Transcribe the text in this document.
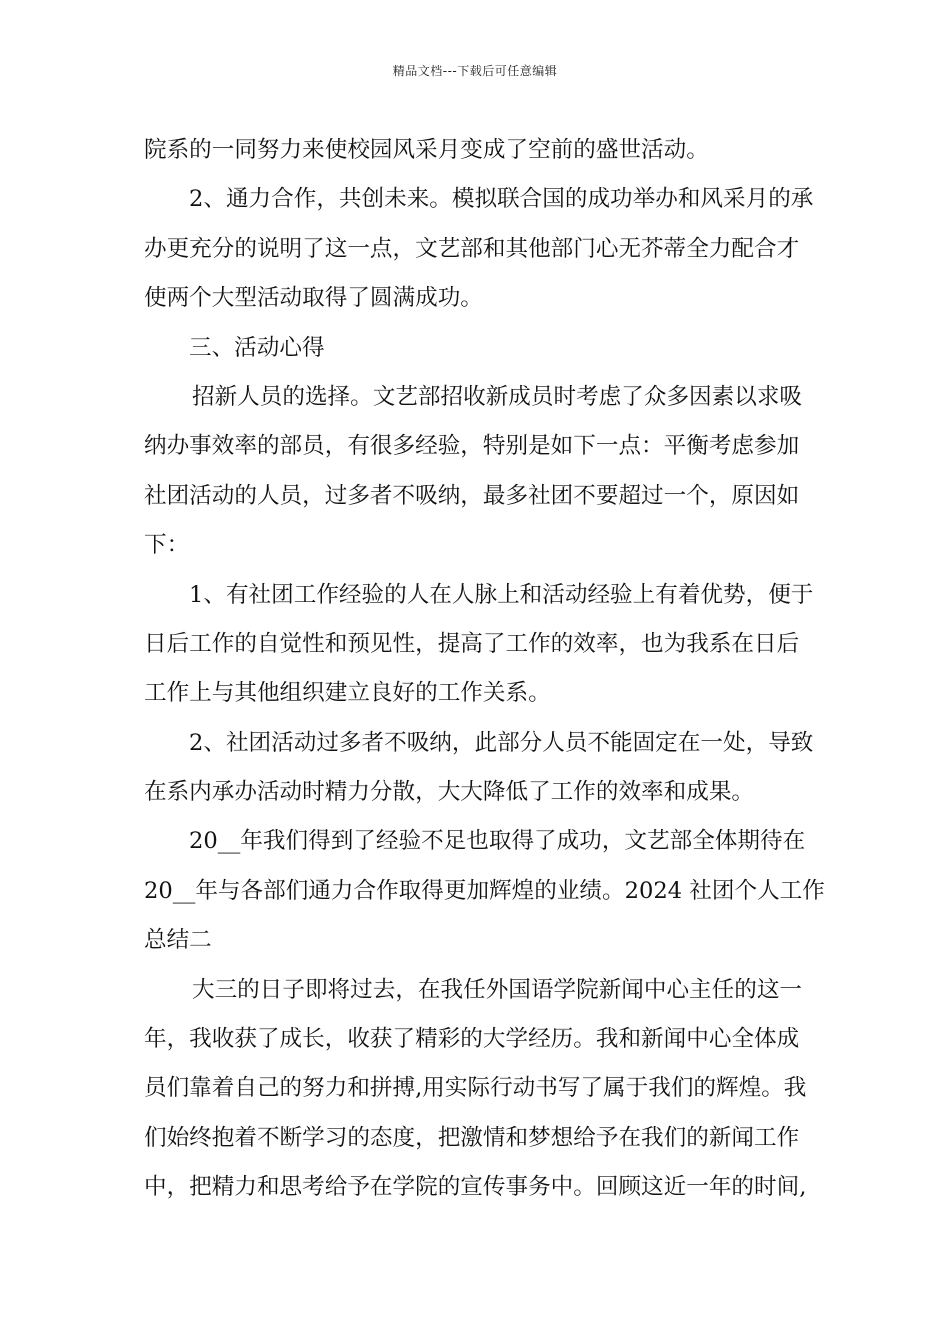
精品文档---下载后可任意编辑
院系的一同努力来使校园风采月变成了空前的盛世活动。
2、通力合作，共创未来。模拟联合国的成功举办和风采月的承
办更充分的说明了这一点，文艺部和其他部门心无芥蒂全力配合才
使两个大型活动取得了圆满成功。
三、活动心得
招新人员的选择。文艺部招收新成员时考虑了众多因素以求吸
纳办事效率的部员，有很多经验，特别是如下一点：平衡考虑参加
社团活动的人员，过多者不吸纳，最多社团不要超过一个，原因如
下：
1、有社团工作经验的人在人脉上和活动经验上有着优势，便于
日后工作的自觉性和预见性，提高了工作的效率，也为我系在日后
工作上与其他组织建立良好的工作关系。
2、社团活动过多者不吸纳，此部分人员不能固定在一处，导致
在系内承办活动时精力分散，大大降低了工作的效率和成果。
20__年我们得到了经验不足也取得了成功，文艺部全体期待在
20__年与各部们通力合作取得更加辉煌的业绩。2024 社团个人工作
总结二
大三的日子即将过去，在我任外国语学院新闻中心主任的这一
年，我收获了成长，收获了精彩的大学经历。我和新闻中心全体成
员们靠着自己的努力和拼搏,用实际行动书写了属于我们的辉煌。我
们始终抱着不断学习的态度，把激情和梦想给予在我们的新闻工作
中，把精力和思考给予在学院的宣传事务中。回顾这近一年的时间,
